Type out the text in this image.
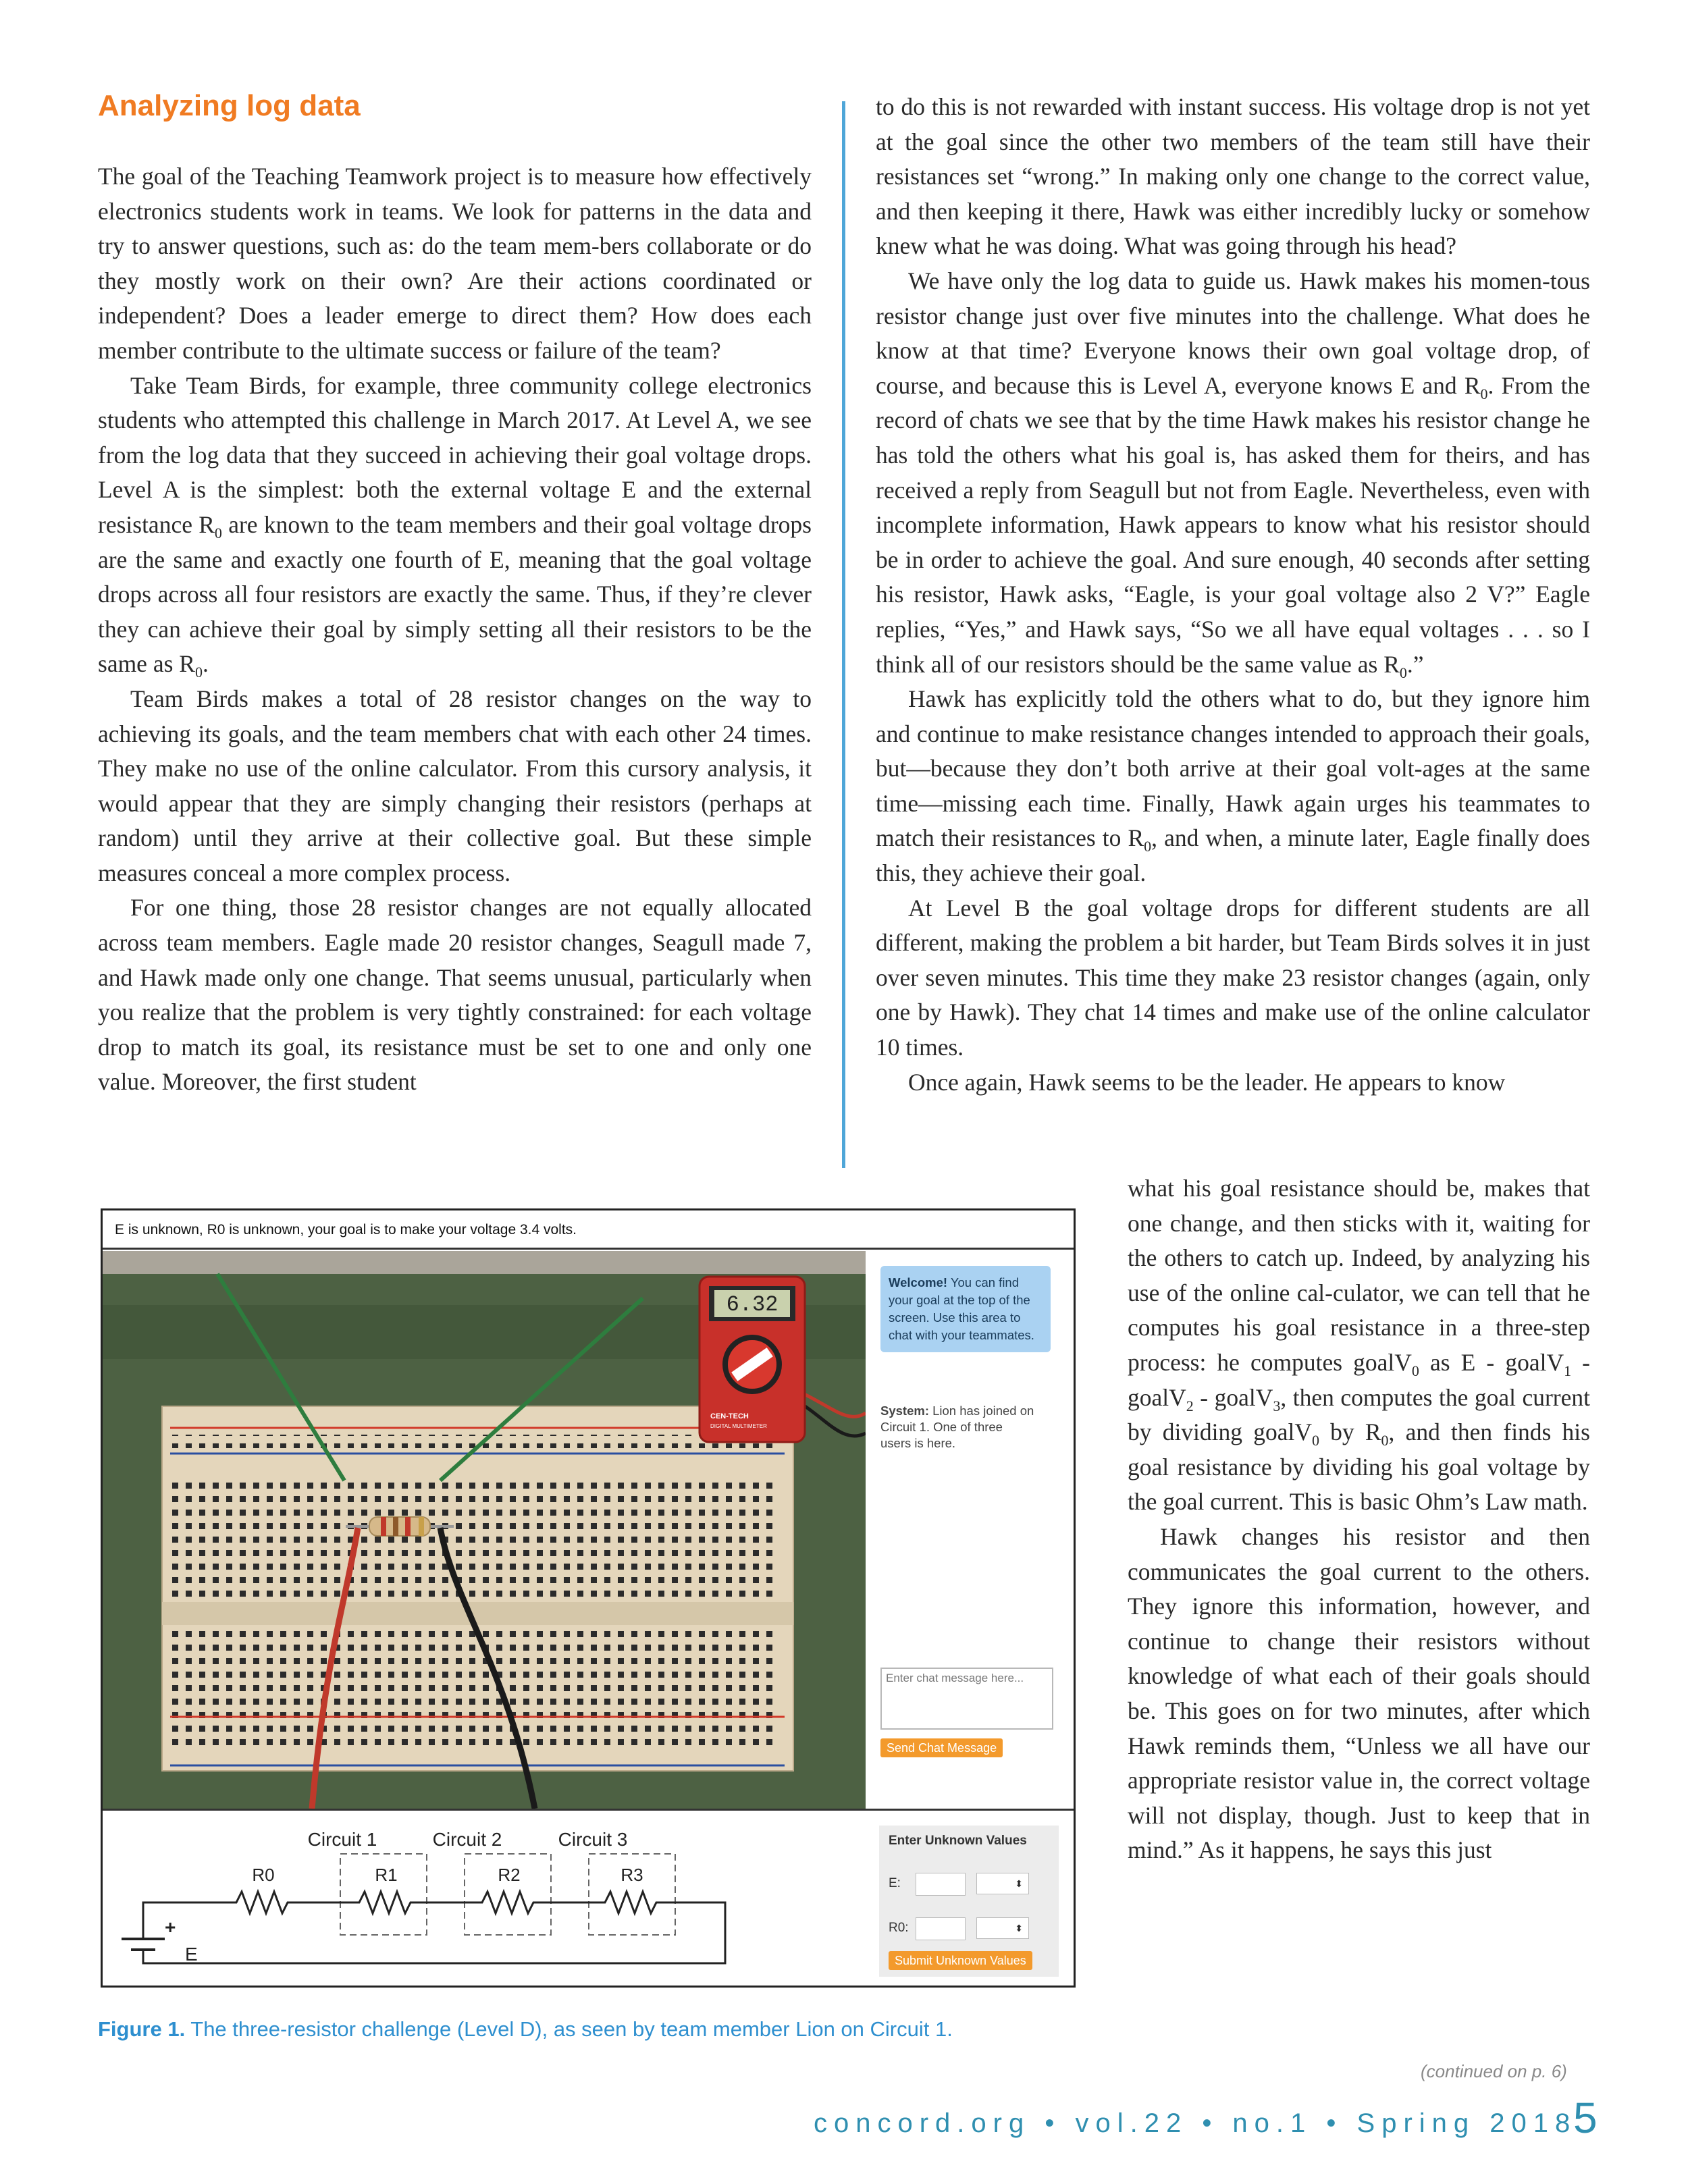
Analyzing log data

The goal of the Teaching Teamwork project is to measure how effectively electronics students work in teams. We look for patterns in the data and try to answer questions, such as: do the team mem-bers collaborate or do they mostly work on their own? Are their actions coordinated or independent? Does a leader emerge to direct them? How does each member contribute to the ultimate success or failure of the team?

Take Team Birds, for example, three community college electronics students who attempted this challenge in March 2017. At Level A, we see from the log data that they succeed in achieving their goal voltage drops. Level A is the simplest: both the external voltage E and the external resistance $R_0$ are known to the team members and their goal voltage drops are the same and exactly one fourth of E, meaning that the goal voltage drops across all four resistors are exactly the same. Thus, if they’re clever they can achieve their goal by simply setting all their resistors to be the same as $R_0$.

Team Birds makes a total of 28 resistor changes on the way to achieving its goals, and the team members chat with each other 24 times. They make no use of the online calculator. From this cursory analysis, it would appear that they are simply changing their resistors (perhaps at random) until they arrive at their collective goal. But these simple measures conceal a more complex process.

For one thing, those 28 resistor changes are not equally allocated across team members. Eagle made 20 resistor changes, Seagull made 7, and Hawk made only one change. That seems unusual, particularly when you realize that the problem is very tightly constrained: for each voltage drop to match its goal, its resistance must be set to one and only one value. Moreover, the first student

to do this is not rewarded with instant success. His voltage drop is not yet at the goal since the other two members of the team still have their resistances set “wrong.” In making only one change to the correct value, and then keeping it there, Hawk was either incredibly lucky or somehow knew what he was doing. What was going through his head?

We have only the log data to guide us. Hawk makes his momen-tous resistor change just over five minutes into the challenge. What does he know at that time? Everyone knows their own goal voltage drop, of course, and because this is Level A, everyone knows E and $R_0$. From the record of chats we see that by the time Hawk makes his resistor change he has told the others what his goal is, has asked them for theirs, and has received a reply from Seagull but not from Eagle. Nevertheless, even with incomplete information, Hawk appears to know what his resistor should be in order to achieve the goal. And sure enough, 40 seconds after setting his resistor, Hawk asks, “Eagle, is your goal voltage also 2 V?” Eagle replies, “Yes,” and Hawk says, “So we all have equal voltages . . . so I think all of our resistors should be the same value as $R_0$.”

Hawk has explicitly told the others what to do, but they ignore him and continue to make resistance changes intended to approach their goals, but—because they don’t both arrive at their goal volt-ages at the same time—missing each time. Finally, Hawk again urges his teammates to match their resistances to $R_0$, and when, a minute later, Eagle finally does this, they achieve their goal.

At Level B the goal voltage drops for different students are all different, making the problem a bit harder, but Team Birds solves it in just over seven minutes. This time they make 23 resistor changes (again, only one by Hawk). They chat 14 times and make use of the online calculator 10 times.

Once again, Hawk seems to be the leader. He appears to know

what his goal resistance should be, makes that one change, and then sticks with it, waiting for the others to catch up. Indeed, by analyzing his use of the online cal-culator, we can tell that he computes his goal resistance in a three-step process: he computes goalV$_0$ as E - goalV$_1$ - goalV$_2$ - goalV$_3$, then computes the goal current by dividing goalV$_0$ by $R_0$, and then finds his goal resistance by dividing his goal voltage by the goal current. This is basic Ohm’s Law math.

Hawk changes his resistor and then communicates the goal current to the others. They ignore this information, however, and continue to change their resistors without knowledge of what each of their goals should be. This goes on for two minutes, after which Hawk reminds them, “Unless we all have our appropriate resistor value in, the correct voltage will not display, though. Just to keep that in mind.” As it happens, he says this just

E is unknown, R0 is unknown, your goal is to make your voltage 3.4 volts.
6.32
CEN-TECH
DIGITAL MULTIMETER
Welcome! You can find your goal at the top of the screen. Use this area to chat with your teammates.
System: Lion has joined on Circuit 1. One of three users is here.
Enter chat message here...
Send Chat Message
Circuit 1	Circuit 2	Circuit 3
R0	R1	R2	R3
+
E
Enter Unknown Values
E:	⬍
R0:	⬍
Submit Unknown Values
Figure 1. The three-resistor challenge (Level D), as seen by team member Lion on Circuit 1.
(continued on p. 6)
concord.org • vol.22 • no.1 • Spring 2018
5
